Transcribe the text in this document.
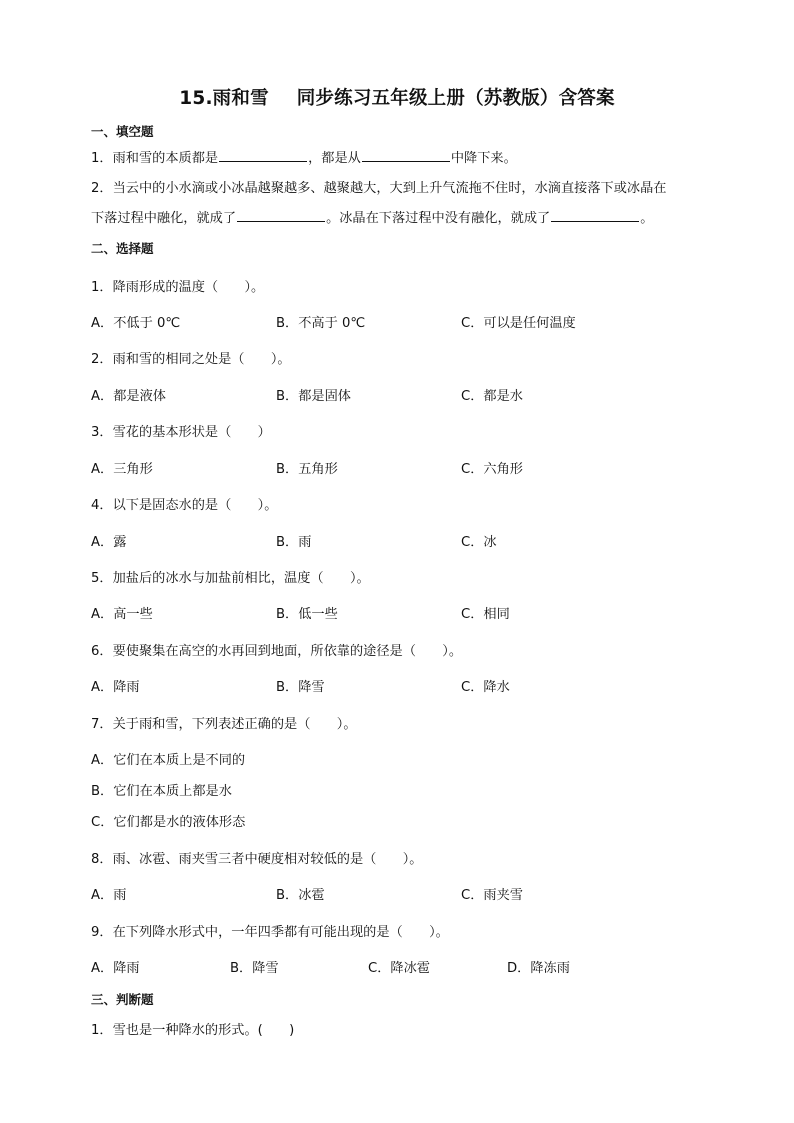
15.雨和雪 同步练习五年级上册（苏教版）含答案
一、填空题
1．雨和雪的本质都是	，都是从	中降下来。
2．当云中的小水滴或小冰晶越聚越多、越聚越大，大到上升气流拖不住时，水滴直接落下或冰晶在
下落过程中融化，就成了	。冰晶在下落过程中没有融化，就成了	。
二、选择题
1．降雨形成的温度（　　）。
A．不低于 0℃	B．不高于 0℃	C．可以是任何温度
2．雨和雪的相同之处是（　　）。
A．都是液体	B．都是固体	C．都是水
3．雪花的基本形状是（　　）
A．三角形	B．五角形	C．六角形
4．以下是固态水的是（　　）。
A．露	B．雨	C．冰
5．加盐后的冰水与加盐前相比，温度（　　）。
A．高一些	B．低一些	C．相同
6．要使聚集在高空的水再回到地面，所依靠的途径是（　　）。
A．降雨	B．降雪	C．降水
7．关于雨和雪，下列表述正确的是（　　）。
A．它们在本质上是不同的
B．它们在本质上都是水
C．它们都是水的液体形态
8．雨、冰雹、雨夹雪三者中硬度相对较低的是（　　）。
A．雨	B．冰雹	C．雨夹雪
9．在下列降水形式中，一年四季都有可能出现的是（　　）。
A．降雨	B．降雪	C．降冰雹	D．降冻雨
三、判断题
1．雪也是一种降水的形式。(　　)
